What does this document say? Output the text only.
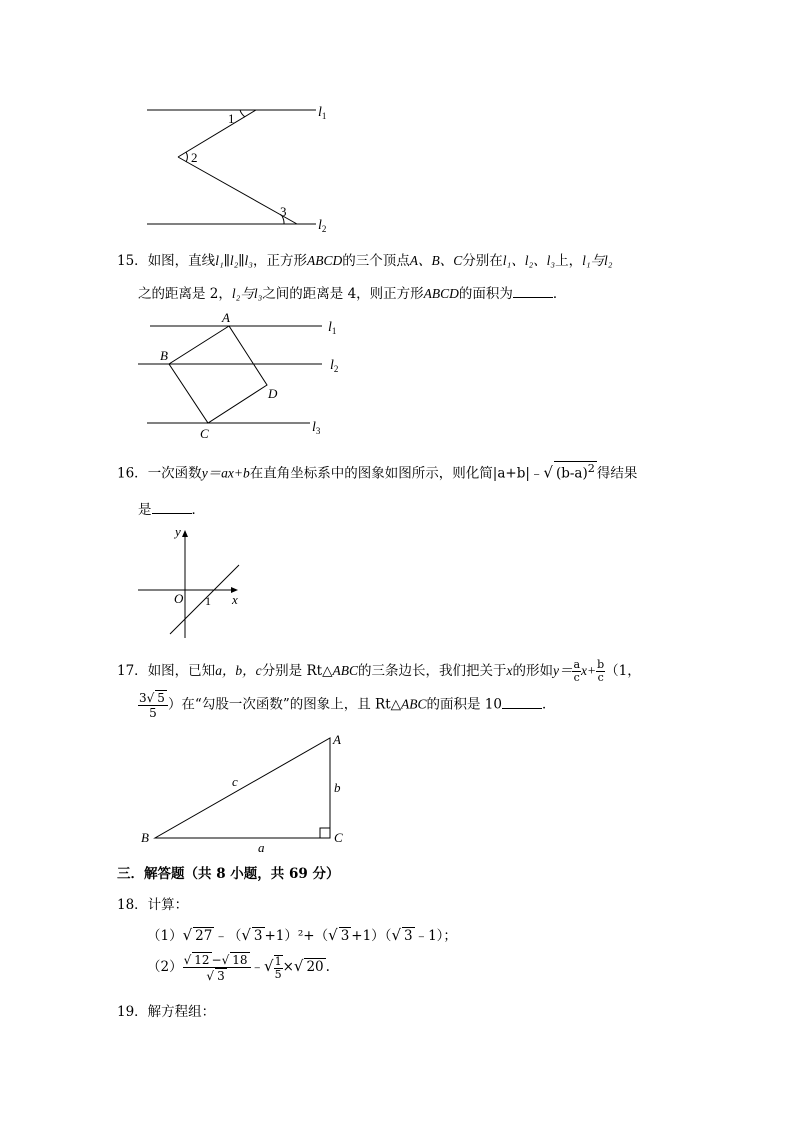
1
2
3
$l_1$
$l_2$
15．如图，直线l₁∥l₂∥l₃，正方形ABCD的三个顶点A、B、C分别在l₁、l₂、l₃上，l₁与l₂
之的距离是 2，l₂与l₃之间的距离是 4，则正方形ABCD的面积为	．
A
B
C
D
$l_1$
$l_2$
$l_3$
y
x
O 1
A
B	C
a
b
c
16．一次函数y＝ax+b在直角坐标系中的图象如图所示，则化简|a+b|﹣√ $(b-a)^2$ 得结果
是	．
17．如图，已知a，b，c分别是 Rt△ABC的三条边长，我们把关于x的形如$y= \frac{a}{c} x+ \frac{b}{c} (1$，
$\frac{3√ 5}{5}$ ）在“勾股一次函数”的图象上，且 Rt△ABC的面积是 10	．
三．解答题（共 8 小题，共 69 分）
18．计算：
（1）√ 27 ﹣（√ 3 +1）²+（√ 3 +1）（√ 3 ﹣1）；
$(2) \frac{√ 12 -√ 18}{√ 3}$ ﹣√ $\frac{1}{5}$ ×√ 20 .
19．解方程组：
